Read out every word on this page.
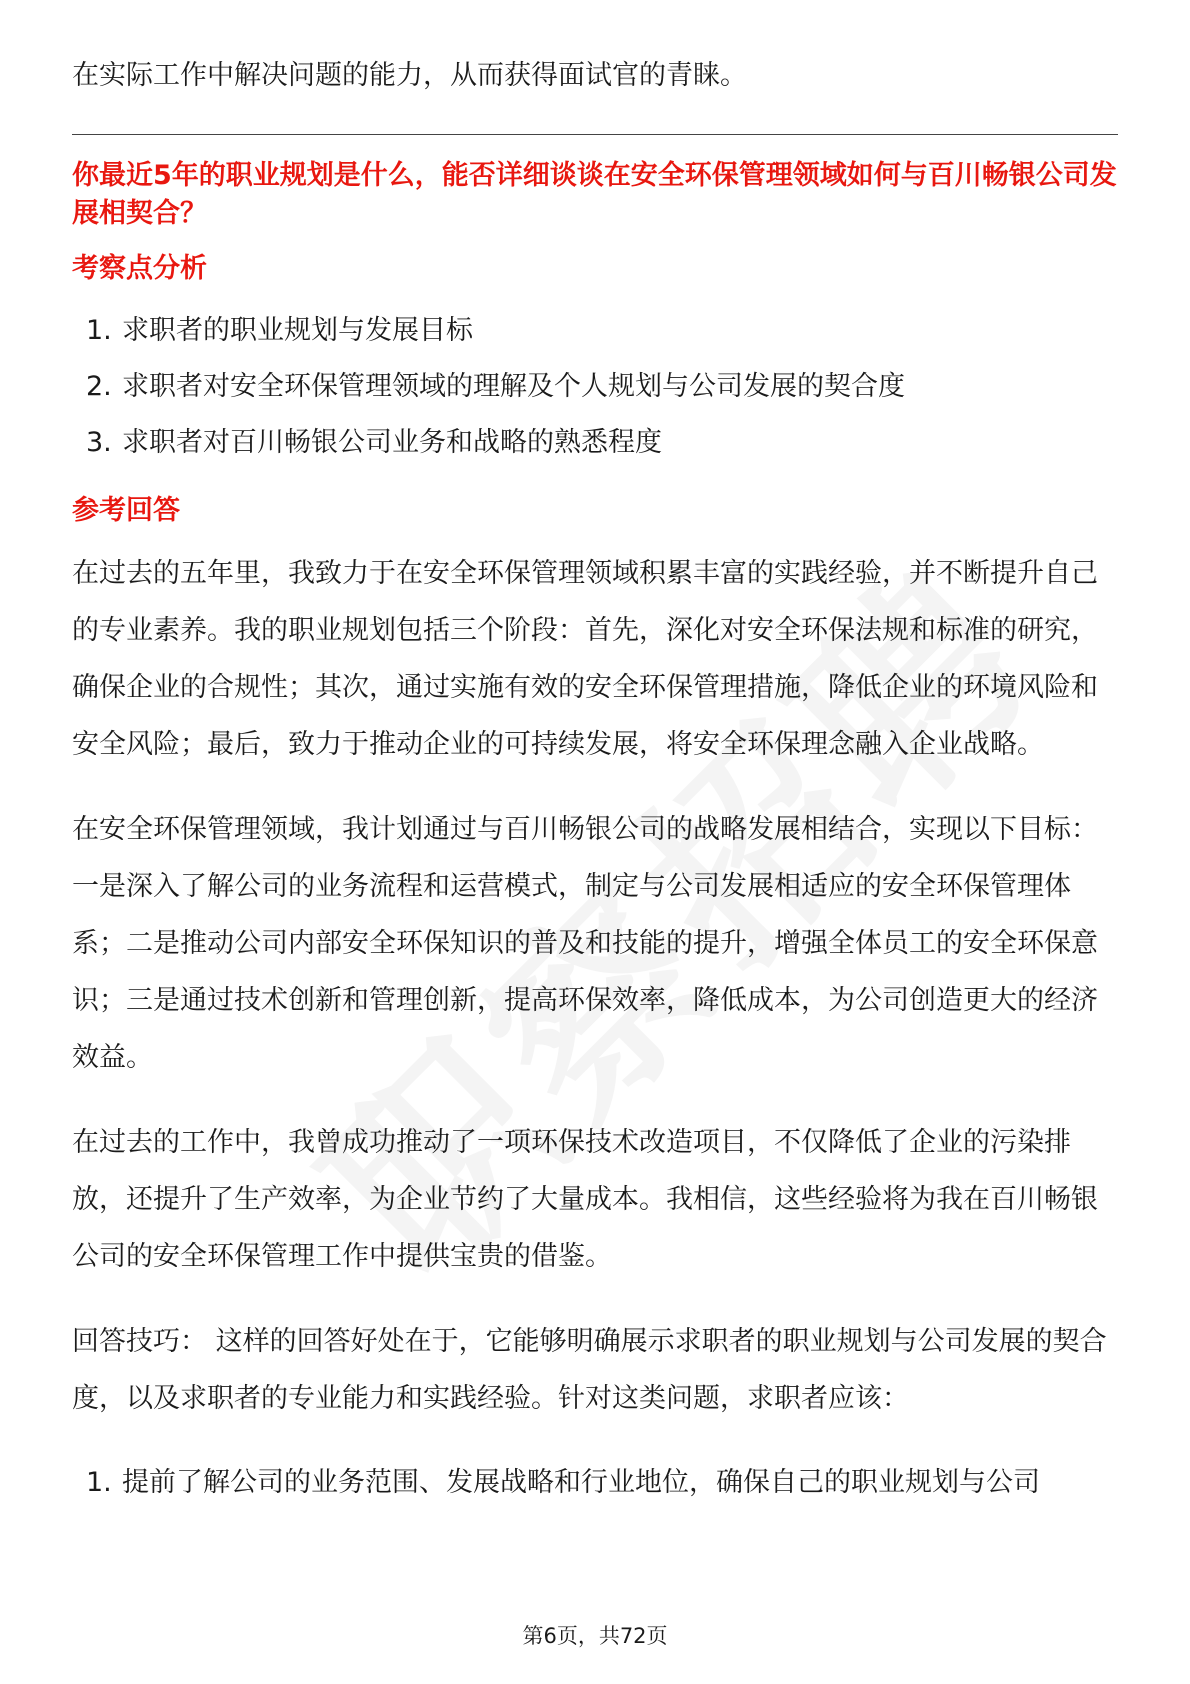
在实际工作中解决问题的能力，从而获得面试官的青睐。

你最近5年的职业规划是什么，能否详细谈谈在安全环保管理领域如何与百川畅银公司发展相契合？

考察点分析

1. 求职者的职业规划与发展目标
2. 求职者对安全环保管理领域的理解及个人规划与公司发展的契合度
3. 求职者对百川畅银公司业务和战略的熟悉程度

参考回答

在过去的五年里，我致力于在安全环保管理领域积累丰富的实践经验，并不断提升自己的专业素养。我的职业规划包括三个阶段：首先，深化对安全环保法规和标准的研究，确保企业的合规性；其次，通过实施有效的安全环保管理措施，降低企业的环境风险和安全风险；最后，致力于推动企业的可持续发展，将安全环保理念融入企业战略。

在安全环保管理领域，我计划通过与百川畅银公司的战略发展相结合，实现以下目标：一是深入了解公司的业务流程和运营模式，制定与公司发展相适应的安全环保管理体系；二是推动公司内部安全环保知识的普及和技能的提升，增强全体员工的安全环保意识；三是通过技术创新和管理创新，提高环保效率，降低成本，为公司创造更大的经济效益。

在过去的工作中，我曾成功推动了一项环保技术改造项目，不仅降低了企业的污染排放，还提升了生产效率，为企业节约了大量成本。我相信，这些经验将为我在百川畅银公司的安全环保管理工作中提供宝贵的借鉴。

回答技巧： 这样的回答好处在于，它能够明确展示求职者的职业规划与公司发展的契合度，以及求职者的专业能力和实践经验。针对这类问题，求职者应该：

1. 提前了解公司的业务范围、发展战略和行业地位，确保自己的职业规划与公司
第6页，共72页
